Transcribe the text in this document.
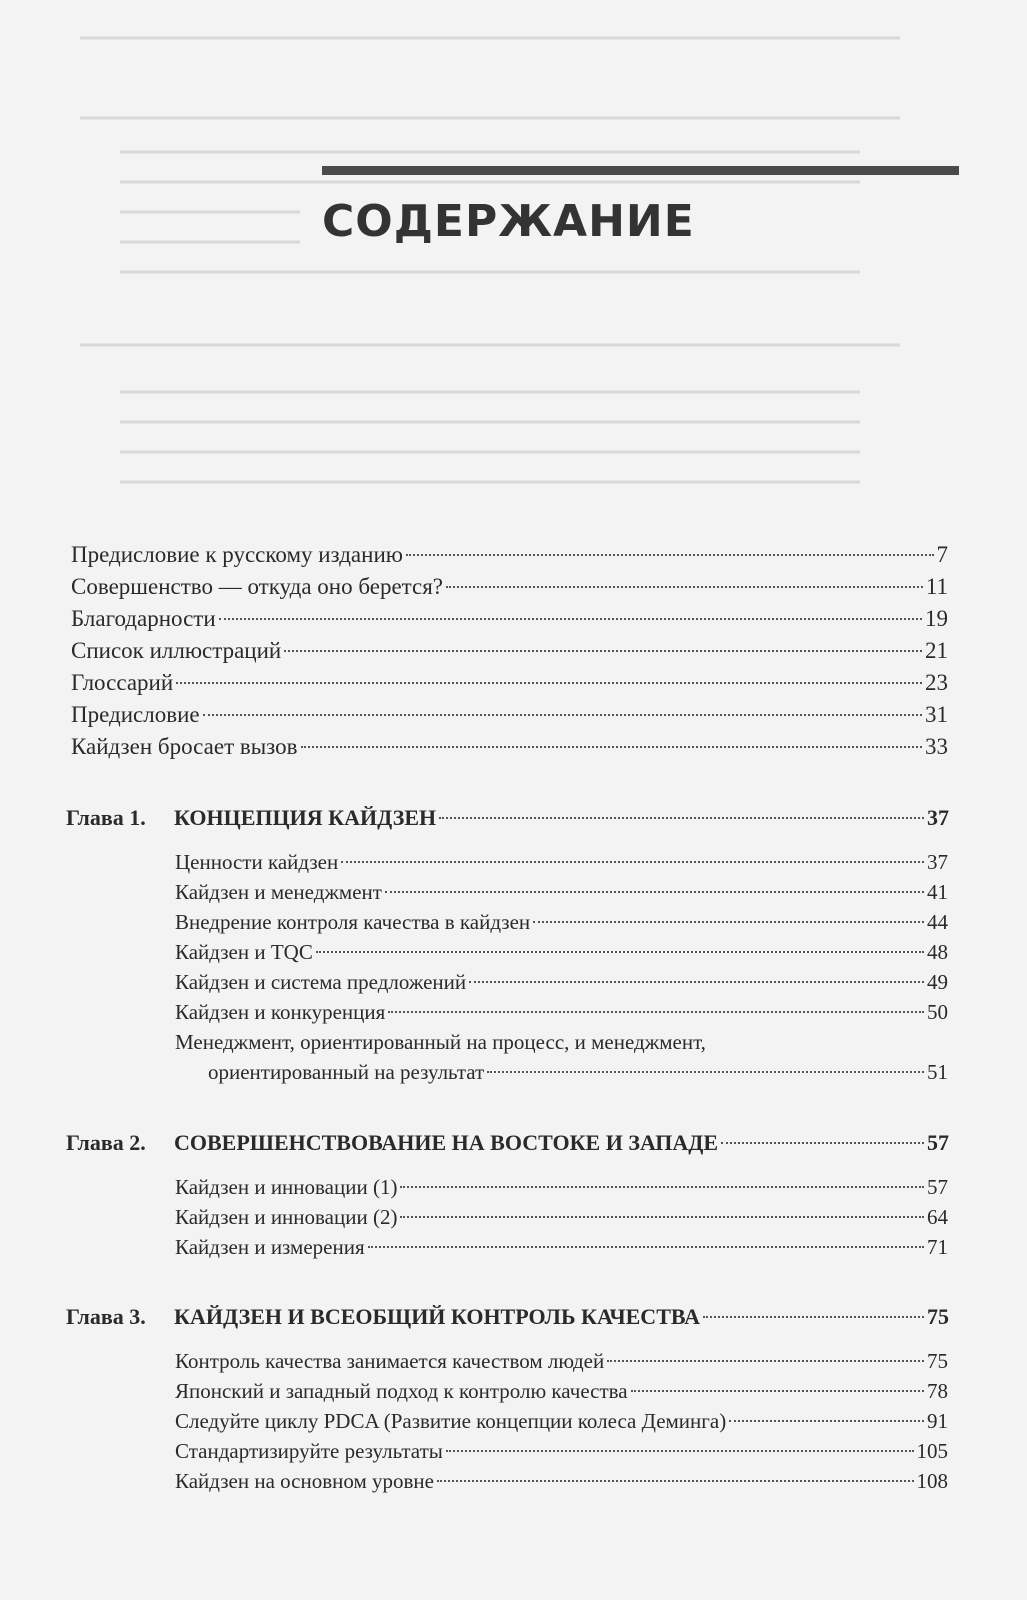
СОДЕРЖАНИЕ
Предисловие к русскому изданию	7
Совершенство — откуда оно берется?	11
Благодарности	19
Список иллюстраций	21
Глоссарий	23
Предисловие	31
Кайдзен бросает вызов	33
Глава 1.	КОНЦЕПЦИЯ КАЙДЗЕН	37
Ценности кайдзен	37
Кайдзен и менеджмент	41
Внедрение контроля качества в кайдзен	44
Кайдзен и TQC	48
Кайдзен и система предложений	49
Кайдзен и конкуренция	50
Менеджмент, ориентированный на процесс, и менеджмент,
ориентированный на результат	51
Глава 2.	СОВЕРШЕНСТВОВАНИЕ НА ВОСТОКЕ И ЗАПАДЕ	57
Кайдзен и инновации (1)	57
Кайдзен и инновации (2)	64
Кайдзен и измерения	71
Глава 3.	КАЙДЗЕН И ВСЕОБЩИЙ КОНТРОЛЬ КАЧЕСТВА	75
Контроль качества занимается качеством людей	75
Японский и западный подход к контролю качества	78
Следуйте циклу PDCA (Развитие концепции колеса Деминга)	91
Стандартизируйте результаты	105
Кайдзен на основном уровне	108
